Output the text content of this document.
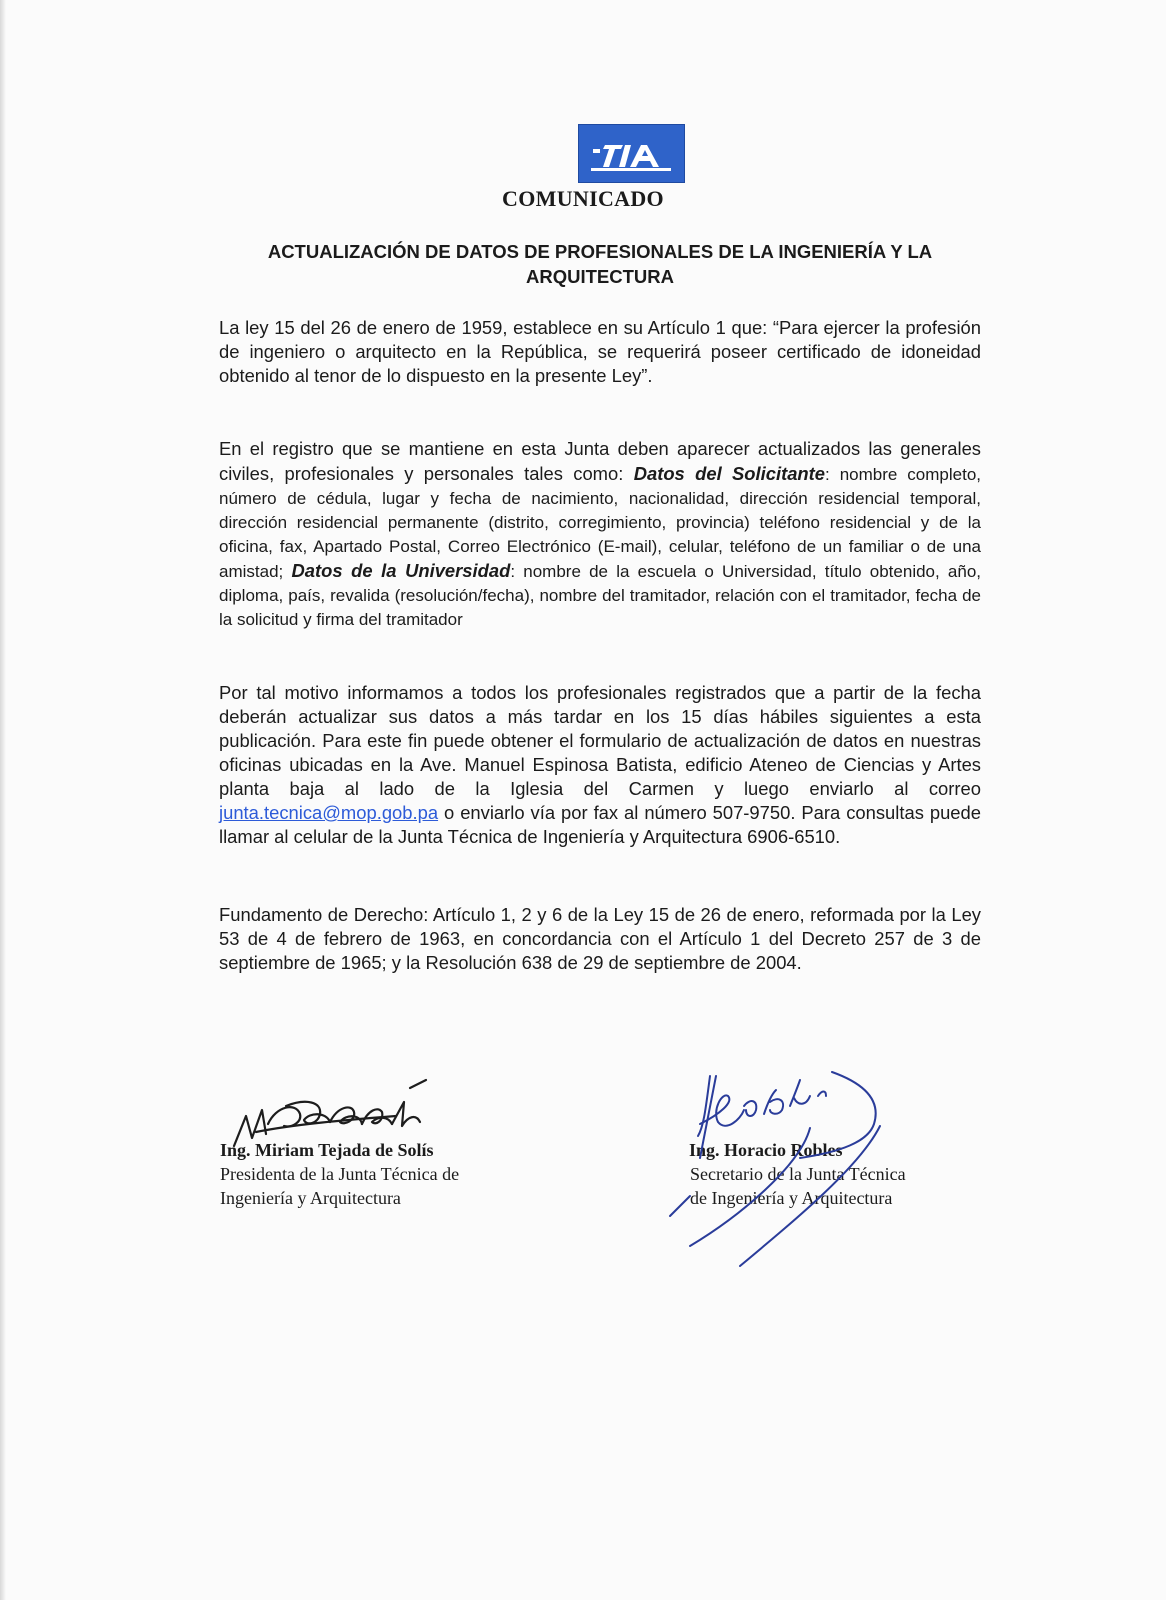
COMUNICADO
ACTUALIZACIÓN DE DATOS DE PROFESIONALES DE LA INGENIERÍA Y LA ARQUITECTURA
La ley 15 del 26 de enero de 1959, establece en su Artículo 1 que: “Para ejercer la profesión de ingeniero o arquitecto en la República, se requerirá poseer certificado de idoneidad obtenido al tenor de lo dispuesto en la presente Ley”.
En el registro que se mantiene en esta Junta deben aparecer actualizados las generales civiles, profesionales y personales tales como: Datos del Solicitante: nombre completo, número de cédula, lugar y fecha de nacimiento, nacionalidad, dirección residencial temporal, dirección residencial permanente (distrito, corregimiento, provincia) teléfono residencial y de la oficina, fax, Apartado Postal, Correo Electrónico (E-mail), celular, teléfono de un familiar o de una amistad; Datos de la Universidad: nombre de la escuela o Universidad, título obtenido, año, diploma, país, revalida (resolución/fecha), nombre del tramitador, relación con el tramitador, fecha de la solicitud y firma del tramitador
Por tal motivo informamos a todos los profesionales registrados que a partir de la fecha deberán actualizar sus datos a más tardar en los 15 días hábiles siguientes a esta publicación. Para este fin puede obtener el formulario de actualización de datos en nuestras oficinas ubicadas en la Ave. Manuel Espinosa Batista, edificio Ateneo de Ciencias y Artes planta baja al lado de la Iglesia del Carmen y luego enviarlo al correo junta.tecnica@mop.gob.pa o enviarlo vía por fax al número 507-9750. Para consultas puede llamar al celular de la Junta Técnica de Ingeniería y Arquitectura 6906-6510.
Fundamento de Derecho: Artículo 1, 2 y 6 de la Ley 15 de 26 de enero, reformada por la Ley 53 de 4 de febrero de 1963, en concordancia con el Artículo 1 del Decreto 257 de 3 de septiembre de 1965; y la Resolución 638 de 29 de septiembre de 2004.
Ing. Miriam Tejada de Solís
Presidenta de la Junta Técnica de
Ingeniería y Arquitectura
Ing. Horacio Robles
Secretario de la Junta Técnica
de Ingeniería y Arquitectura
